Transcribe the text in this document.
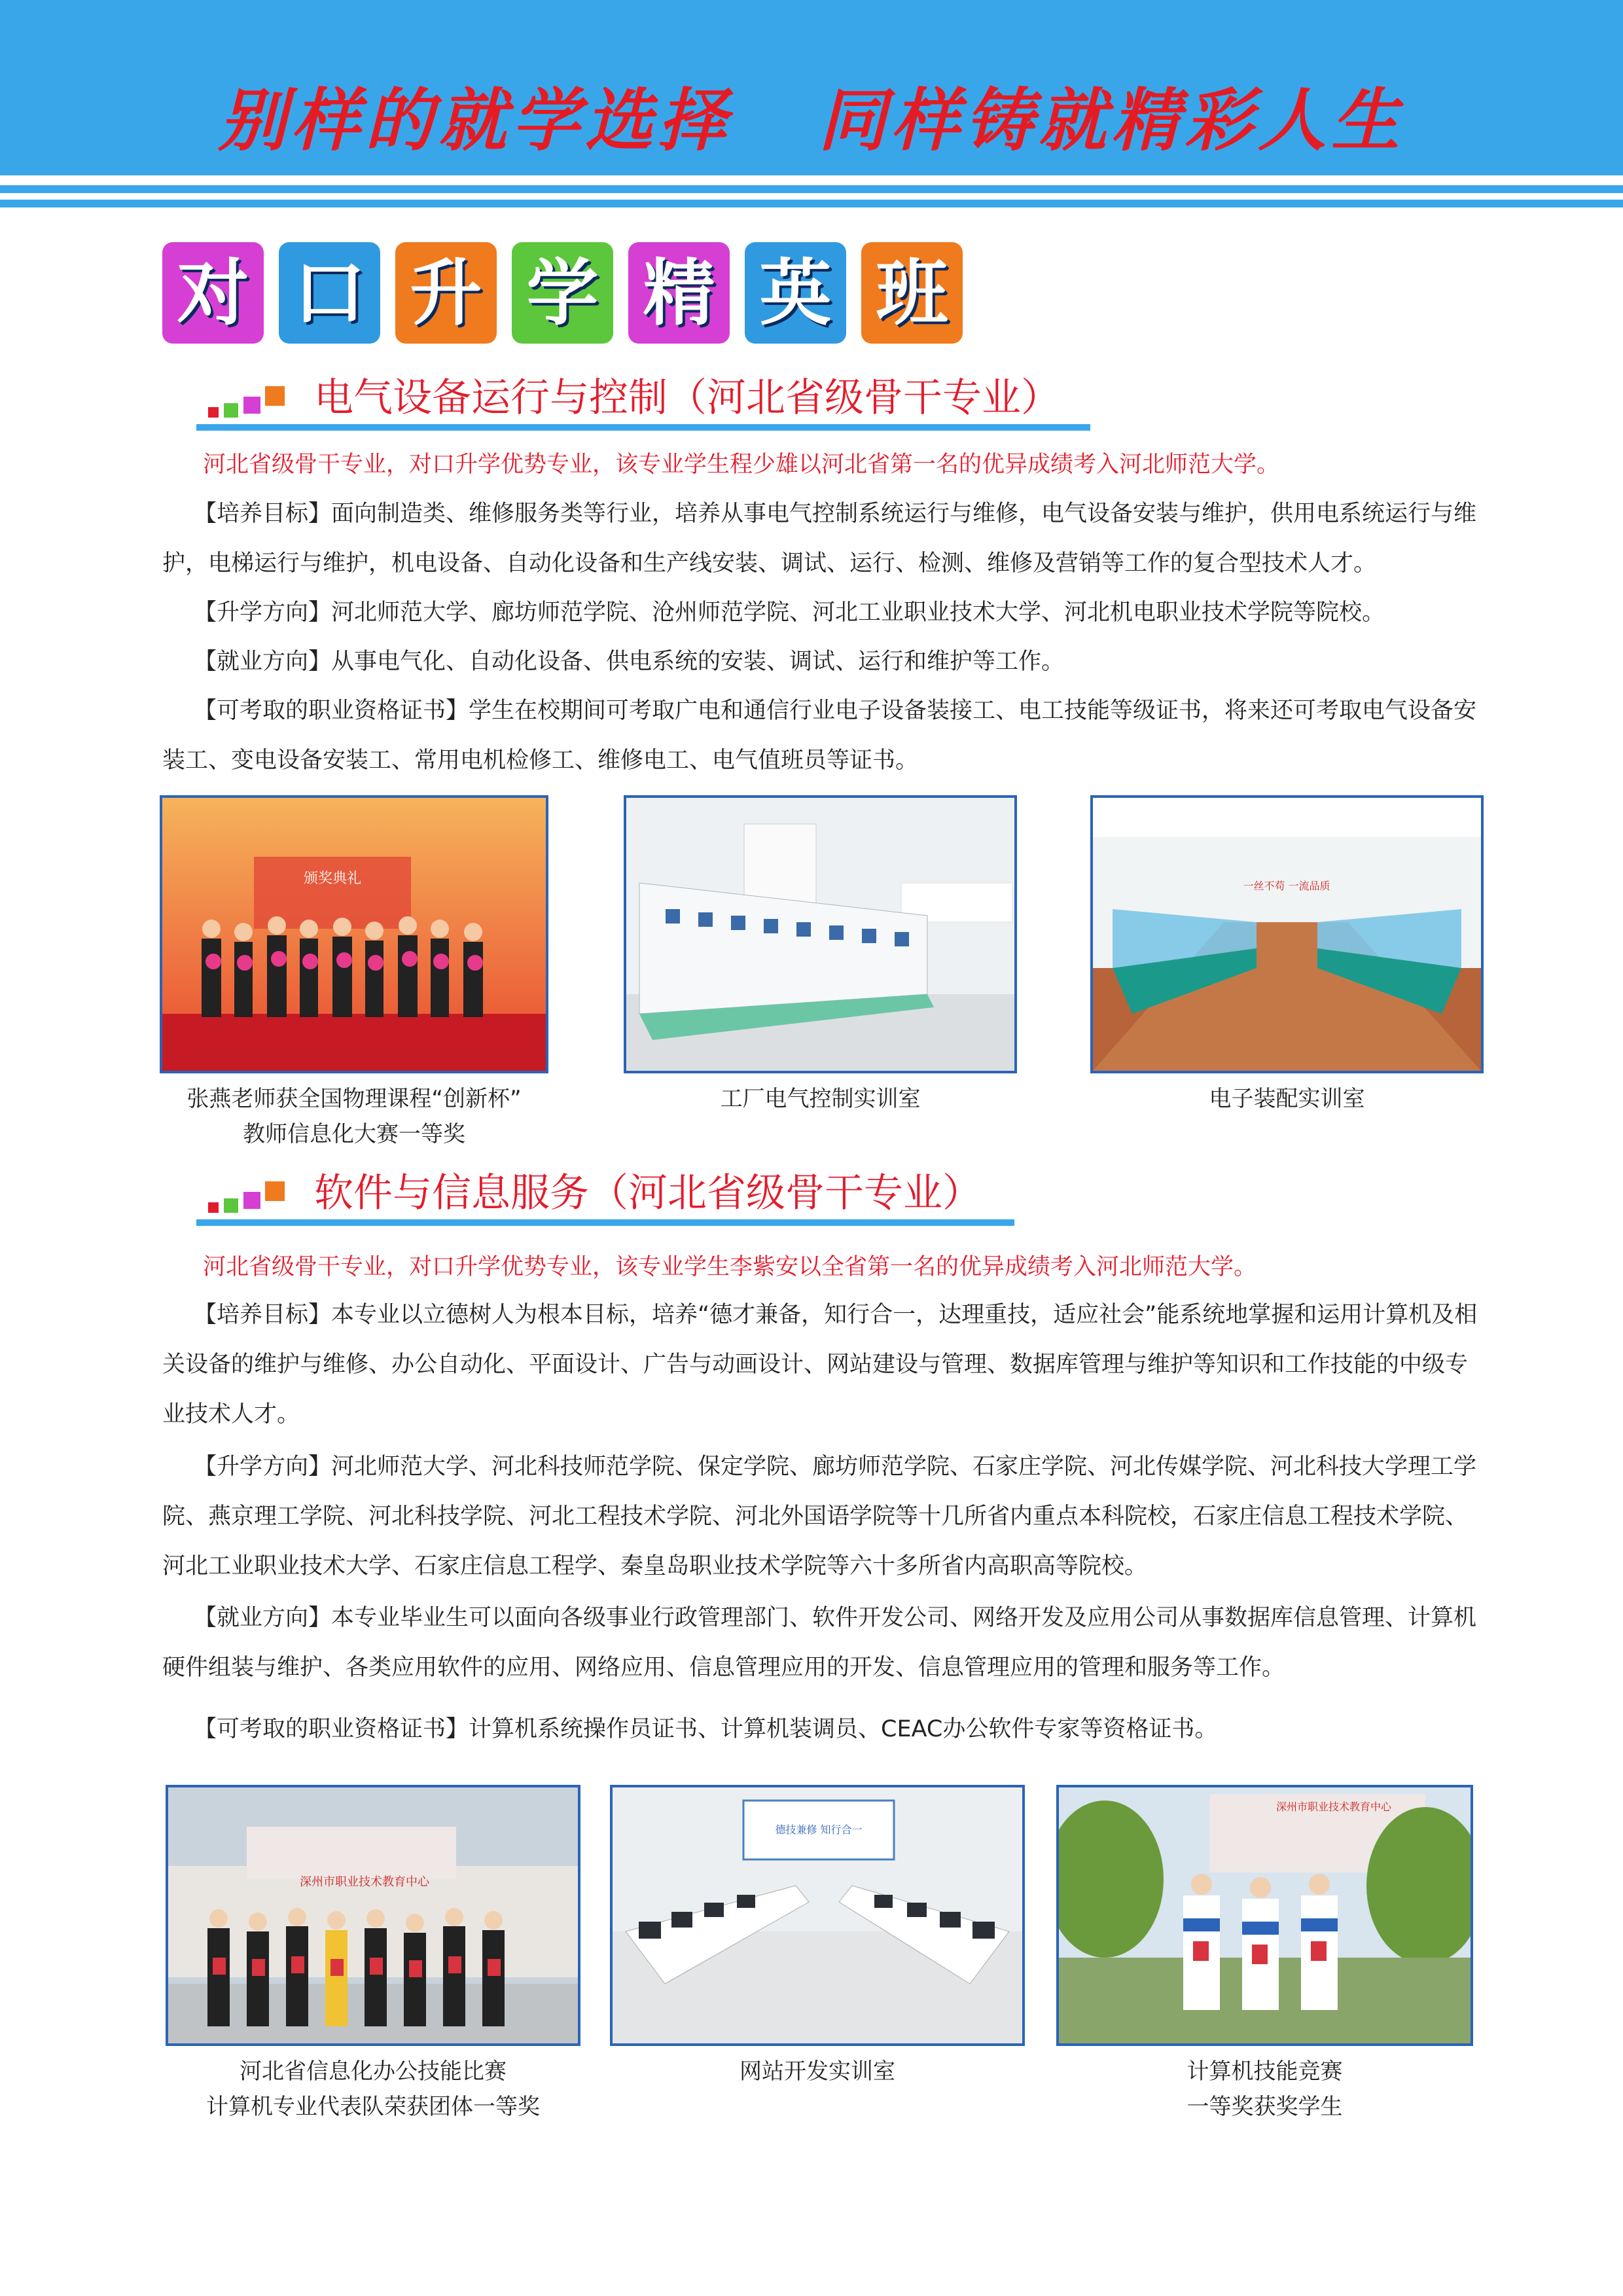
别样的就学选择   同样铸就精彩人生
对 口 升 学 精 英 班
电气设备运行与控制（河北省级骨干专业）
河北省级骨干专业，对口升学优势专业，该专业学生程少雄以河北省第一名的优异成绩考入河北师范大学。
【培养目标】面向制造类、维修服务类等行业，培养从事电气控制系统运行与维修，电气设备安装与维护，供用电系统运行与维护，电梯运行与维护，机电设备、自动化设备和生产线安装、调试、运行、检测、维修及营销等工作的复合型技术人才。
【升学方向】河北师范大学、廊坊师范学院、沧州师范学院、河北工业职业技术大学、河北机电职业技术学院等院校。
【就业方向】从事电气化、自动化设备、供电系统的安装、调试、运行和维护等工作。
【可考取的职业资格证书】学生在校期间可考取广电和通信行业电子设备装接工、电工技能等级证书，将来还可考取电气设备安装工、变电设备安装工、常用电机检修工、维修电工、电气值班员等证书。
颁奖典礼
张燕老师获全国物理课程“创新杯”
教师信息化大赛一等奖
工厂电气控制实训室
一丝不苟 一流品质
电子装配实训室
软件与信息服务（河北省级骨干专业）
河北省级骨干专业，对口升学优势专业，该专业学生李紫安以全省第一名的优异成绩考入河北师范大学。
【培养目标】本专业以立德树人为根本目标，培养“德才兼备，知行合一，达理重技，适应社会”能系统地掌握和运用计算机及相关设备的维护与维修、办公自动化、平面设计、广告与动画设计、网站建设与管理、数据库管理与维护等知识和工作技能的中级专业技术人才。
【升学方向】河北师范大学、河北科技师范学院、保定学院、廊坊师范学院、石家庄学院、河北传媒学院、河北科技大学理工学院、燕京理工学院、河北科技学院、河北工程技术学院、河北外国语学院等十几所省内重点本科院校，石家庄信息工程技术学院、河北工业职业技术大学、石家庄信息工程学、秦皇岛职业技术学院等六十多所省内高职高等院校。
【就业方向】本专业毕业生可以面向各级事业行政管理部门、软件开发公司、网络开发及应用公司从事数据库信息管理、计算机硬件组装与维护、各类应用软件的应用、网络应用、信息管理应用的开发、信息管理应用的管理和服务等工作。
【可考取的职业资格证书】计算机系统操作员证书、计算机装调员、CEAC办公软件专家等资格证书。
深州市职业技术教育中心
河北省信息化办公技能比赛
计算机专业代表队荣获团体一等奖
德技兼修 知行合一
网站开发实训室
深州市职业技术教育中心
计算机技能竞赛
一等奖获奖学生
